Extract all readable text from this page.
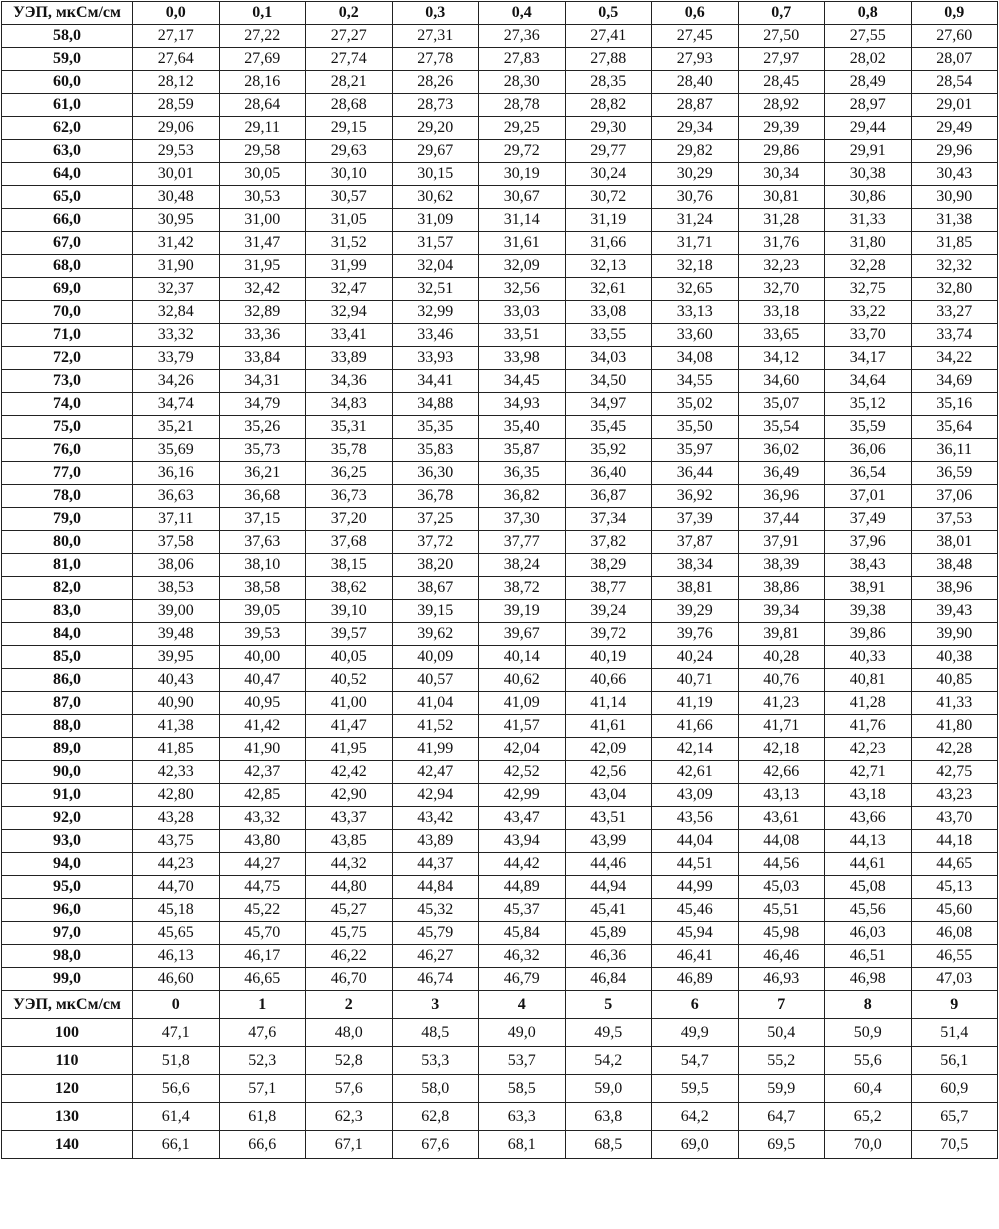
УЭП, мкСм/см	0,0	0,1	0,2	0,3	0,4	0,5	0,6	0,7	0,8	0,9
58,0	27,17	27,22	27,27	27,31	27,36	27,41	27,45	27,50	27,55	27,60
59,0	27,64	27,69	27,74	27,78	27,83	27,88	27,93	27,97	28,02	28,07
60,0	28,12	28,16	28,21	28,26	28,30	28,35	28,40	28,45	28,49	28,54
61,0	28,59	28,64	28,68	28,73	28,78	28,82	28,87	28,92	28,97	29,01
62,0	29,06	29,11	29,15	29,20	29,25	29,30	29,34	29,39	29,44	29,49
63,0	29,53	29,58	29,63	29,67	29,72	29,77	29,82	29,86	29,91	29,96
64,0	30,01	30,05	30,10	30,15	30,19	30,24	30,29	30,34	30,38	30,43
65,0	30,48	30,53	30,57	30,62	30,67	30,72	30,76	30,81	30,86	30,90
66,0	30,95	31,00	31,05	31,09	31,14	31,19	31,24	31,28	31,33	31,38
67,0	31,42	31,47	31,52	31,57	31,61	31,66	31,71	31,76	31,80	31,85
68,0	31,90	31,95	31,99	32,04	32,09	32,13	32,18	32,23	32,28	32,32
69,0	32,37	32,42	32,47	32,51	32,56	32,61	32,65	32,70	32,75	32,80
70,0	32,84	32,89	32,94	32,99	33,03	33,08	33,13	33,18	33,22	33,27
71,0	33,32	33,36	33,41	33,46	33,51	33,55	33,60	33,65	33,70	33,74
72,0	33,79	33,84	33,89	33,93	33,98	34,03	34,08	34,12	34,17	34,22
73,0	34,26	34,31	34,36	34,41	34,45	34,50	34,55	34,60	34,64	34,69
74,0	34,74	34,79	34,83	34,88	34,93	34,97	35,02	35,07	35,12	35,16
75,0	35,21	35,26	35,31	35,35	35,40	35,45	35,50	35,54	35,59	35,64
76,0	35,69	35,73	35,78	35,83	35,87	35,92	35,97	36,02	36,06	36,11
77,0	36,16	36,21	36,25	36,30	36,35	36,40	36,44	36,49	36,54	36,59
78,0	36,63	36,68	36,73	36,78	36,82	36,87	36,92	36,96	37,01	37,06
79,0	37,11	37,15	37,20	37,25	37,30	37,34	37,39	37,44	37,49	37,53
80,0	37,58	37,63	37,68	37,72	37,77	37,82	37,87	37,91	37,96	38,01
81,0	38,06	38,10	38,15	38,20	38,24	38,29	38,34	38,39	38,43	38,48
82,0	38,53	38,58	38,62	38,67	38,72	38,77	38,81	38,86	38,91	38,96
83,0	39,00	39,05	39,10	39,15	39,19	39,24	39,29	39,34	39,38	39,43
84,0	39,48	39,53	39,57	39,62	39,67	39,72	39,76	39,81	39,86	39,90
85,0	39,95	40,00	40,05	40,09	40,14	40,19	40,24	40,28	40,33	40,38
86,0	40,43	40,47	40,52	40,57	40,62	40,66	40,71	40,76	40,81	40,85
87,0	40,90	40,95	41,00	41,04	41,09	41,14	41,19	41,23	41,28	41,33
88,0	41,38	41,42	41,47	41,52	41,57	41,61	41,66	41,71	41,76	41,80
89,0	41,85	41,90	41,95	41,99	42,04	42,09	42,14	42,18	42,23	42,28
90,0	42,33	42,37	42,42	42,47	42,52	42,56	42,61	42,66	42,71	42,75
91,0	42,80	42,85	42,90	42,94	42,99	43,04	43,09	43,13	43,18	43,23
92,0	43,28	43,32	43,37	43,42	43,47	43,51	43,56	43,61	43,66	43,70
93,0	43,75	43,80	43,85	43,89	43,94	43,99	44,04	44,08	44,13	44,18
94,0	44,23	44,27	44,32	44,37	44,42	44,46	44,51	44,56	44,61	44,65
95,0	44,70	44,75	44,80	44,84	44,89	44,94	44,99	45,03	45,08	45,13
96,0	45,18	45,22	45,27	45,32	45,37	45,41	45,46	45,51	45,56	45,60
97,0	45,65	45,70	45,75	45,79	45,84	45,89	45,94	45,98	46,03	46,08
98,0	46,13	46,17	46,22	46,27	46,32	46,36	46,41	46,46	46,51	46,55
99,0	46,60	46,65	46,70	46,74	46,79	46,84	46,89	46,93	46,98	47,03
УЭП, мкСм/см	0	1	2	3	4	5	6	7	8	9
100	47,1	47,6	48,0	48,5	49,0	49,5	49,9	50,4	50,9	51,4
110	51,8	52,3	52,8	53,3	53,7	54,2	54,7	55,2	55,6	56,1
120	56,6	57,1	57,6	58,0	58,5	59,0	59,5	59,9	60,4	60,9
130	61,4	61,8	62,3	62,8	63,3	63,8	64,2	64,7	65,2	65,7
140	66,1	66,6	67,1	67,6	68,1	68,5	69,0	69,5	70,0	70,5
